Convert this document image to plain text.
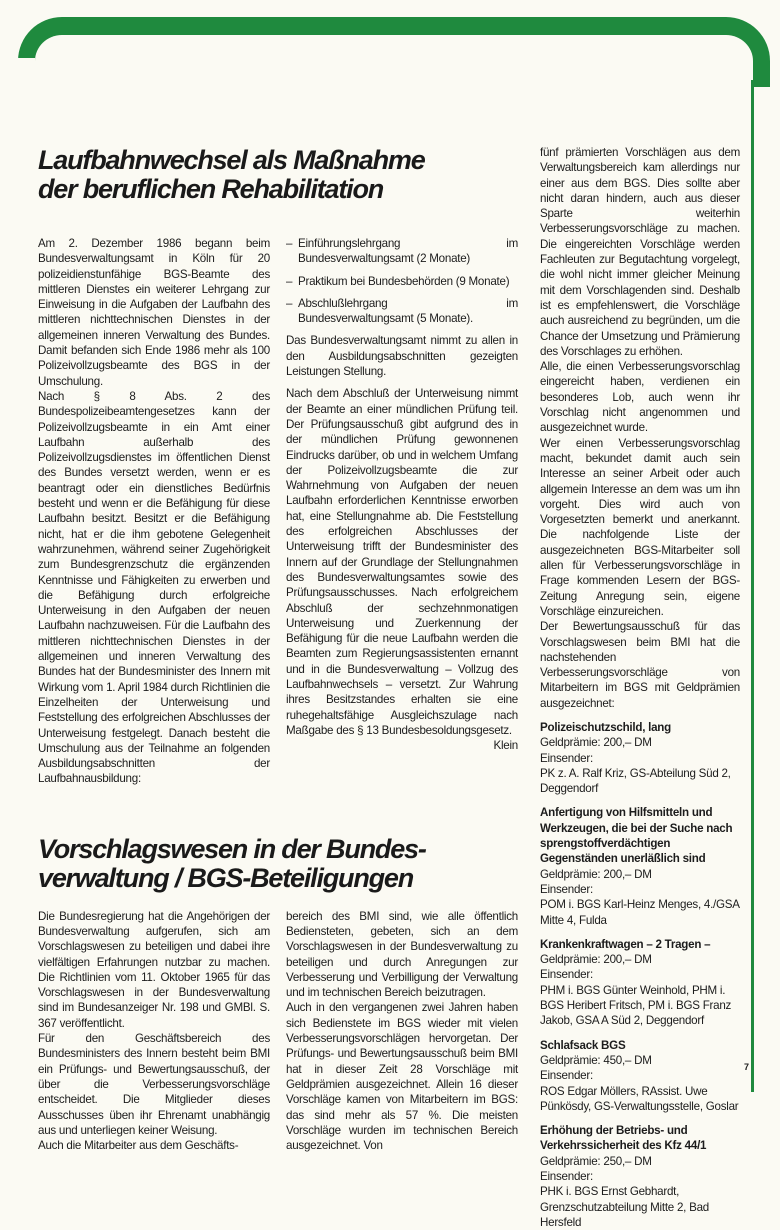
Laufbahnwechsel als Maßnahme
der beruflichen Rehabilitation

Am 2. Dezember 1986 begann beim Bundesverwaltungsamt in Köln für 20 polizeidienstunfähige BGS-Beamte des mittleren Dienstes ein weiterer Lehrgang zur Einweisung in die Aufgaben der Laufbahn des mittleren nichttechnischen Dienstes in der allgemeinen inneren Verwaltung des Bundes. Damit befanden sich Ende 1986 mehr als 100 Polizeivollzugsbeamte des BGS in der Umschulung.

Nach § 8 Abs. 2 des Bundespolizeibeamtengesetzes kann der Polizeivollzugsbeamte in ein Amt einer Laufbahn außerhalb des Polizeivollzugsdienstes im öffentlichen Dienst des Bundes versetzt werden, wenn er es beantragt oder ein dienstliches Bedürfnis besteht und wenn er die Befähigung für diese Laufbahn besitzt. Besitzt er die Befähigung nicht, hat er die ihm gebotene Gelegenheit wahrzunehmen, während seiner Zugehörigkeit zum Bundesgrenzschutz die ergänzenden Kenntnisse und Fähigkeiten zu erwerben und die Befähigung durch erfolgreiche Unterweisung in den Aufgaben der neuen Laufbahn nachzuweisen. Für die Laufbahn des mittleren nichttechnischen Dienstes in der allgemeinen und inneren Verwaltung des Bundes hat der Bundesminister des Innern mit Wirkung vom 1. April 1984 durch Richtlinien die Einzelheiten der Unterweisung und Feststellung des erfolgreichen Abschlusses der Unterweisung festgelegt. Danach besteht die Umschulung aus der Teilnahme an folgenden Ausbildungsabschnitten der Laufbahnausbildung:

– Einführungslehrgang im Bundesverwaltungsamt (2 Monate)
– Praktikum bei Bundesbehörden (9 Monate)
– Abschlußlehrgang im Bundesverwaltungsamt (5 Monate).

Das Bundesverwaltungsamt nimmt zu allen in den Ausbildungsabschnitten gezeigten Leistungen Stellung.

Nach dem Abschluß der Unterweisung nimmt der Beamte an einer mündlichen Prüfung teil. Der Prüfungsausschuß gibt aufgrund des in der mündlichen Prüfung gewonnenen Eindrucks darüber, ob und in welchem Umfang der Polizeivollzugsbeamte die zur Wahrnehmung von Aufgaben der neuen Laufbahn erforderlichen Kenntnisse erworben hat, eine Stellungnahme ab. Die Feststellung des erfolgreichen Abschlusses der Unterweisung trifft der Bundesminister des Innern auf der Grundlage der Stellungnahmen des Bundesverwaltungsamtes sowie des Prüfungsausschusses. Nach erfolgreichem Abschluß der sechzehnmonatigen Unterweisung und Zuerkennung der Befähigung für die neue Laufbahn werden die Beamten zum Regierungsassistenten ernannt und in die Bundesverwaltung – Vollzug des Laufbahnwechsels – versetzt. Zur Wahrung ihres Besitzstandes erhalten sie eine ruhegehaltsfähige Ausgleichszulage nach Maßgabe des § 13 Bundesbesoldungsgesetz.

Klein

Vorschlagswesen in der Bundes-
verwaltung / BGS-Beteiligungen

Die Bundesregierung hat die Angehörigen der Bundesverwaltung aufgerufen, sich am Vorschlagswesen zu beteiligen und dabei ihre vielfältigen Erfahrungen nutzbar zu machen. Die Richtlinien vom 11. Oktober 1965 für das Vorschlagswesen in der Bundesverwaltung sind im Bundesanzeiger Nr. 198 und GMBl. S. 367 veröffentlicht.

Für den Geschäftsbereich des Bundesministers des Innern besteht beim BMI ein Prüfungs- und Bewertungsausschuß, der über die Verbesserungsvorschläge entscheidet. Die Mitglieder dieses Ausschusses üben ihr Ehrenamt unabhängig aus und unterliegen keiner Weisung.

Auch die Mitarbeiter aus dem Geschäfts-

bereich des BMI sind, wie alle öffentlich Bediensteten, gebeten, sich an dem Vorschlagswesen in der Bundesverwaltung zu beteiligen und durch Anregungen zur Verbesserung und Verbilligung der Verwaltung und im technischen Bereich beizutragen.

Auch in den vergangenen zwei Jahren haben sich Bedienstete im BGS wieder mit vielen Verbesserungsvorschlägen hervorgetan. Der Prüfungs- und Bewertungsausschuß beim BMI hat in dieser Zeit 28 Vorschläge mit Geldprämien ausgezeichnet. Allein 16 dieser Vorschläge kamen von Mitarbeitern im BGS: das sind mehr als 57 %. Die meisten Vorschläge wurden im technischen Bereich ausgezeichnet. Von

fünf prämierten Vorschlägen aus dem Verwaltungsbereich kam allerdings nur einer aus dem BGS. Dies sollte aber nicht daran hindern, auch aus dieser Sparte weiterhin Verbesserungsvorschläge zu machen. Die eingereichten Vorschläge werden Fachleuten zur Begutachtung vorgelegt, die wohl nicht immer gleicher Meinung mit dem Vorschlagenden sind. Deshalb ist es empfehlenswert, die Vorschläge auch ausreichend zu begründen, um die Chance der Umsetzung und Prämierung des Vorschlages zu erhöhen.

Alle, die einen Verbesserungsvorschlag eingereicht haben, verdienen ein besonderes Lob, auch wenn ihr Vorschlag nicht angenommen und ausgezeichnet wurde.

Wer einen Verbesserungsvorschlag macht, bekundet damit auch sein Interesse an seiner Arbeit oder auch allgemein Interesse an dem was um ihn vorgeht. Dies wird auch von Vorgesetzten bemerkt und anerkannt. Die nachfolgende Liste der ausgezeichneten BGS-Mitarbeiter soll allen für Verbesserungsvorschläge in Frage kommenden Lesern der BGS-Zeitung Anregung sein, eigene Vorschläge einzureichen.

Der Bewertungsausschuß für das Vorschlagswesen beim BMI hat die nachstehenden Verbesserungsvorschläge von Mitarbeitern im BGS mit Geldprämien ausgezeichnet:

Polizeischutzschild, lang

Geldprämie: 200,– DM

Einsender:

PK z. A. Ralf Kriz, GS-Abteilung Süd 2, Deggendorf

Anfertigung von Hilfsmitteln und Werkzeugen, die bei der Suche nach sprengstoffverdächtigen Gegenständen unerläßlich sind

Geldprämie: 200,– DM

Einsender:

POM i. BGS Karl-Heinz Menges, 4./GSA Mitte 4, Fulda

Krankenkraftwagen – 2 Tragen –

Geldprämie: 200,– DM

Einsender:

PHM i. BGS Günter Weinhold, PHM i. BGS Heribert Fritsch, PM i. BGS Franz Jakob, GSA A Süd 2, Deggendorf

Schlafsack BGS

Geldprämie: 450,– DM

Einsender:

ROS Edgar Möllers, RAssist. Uwe Pünkösdy, GS-Verwaltungsstelle, Goslar

Erhöhung der Betriebs- und Verkehrssicherheit des Kfz 44/1

Geldprämie: 250,– DM

Einsender:

PHK i. BGS Ernst Gebhardt, Grenzschutzabteilung Mitte 2, Bad Hersfeld

7
